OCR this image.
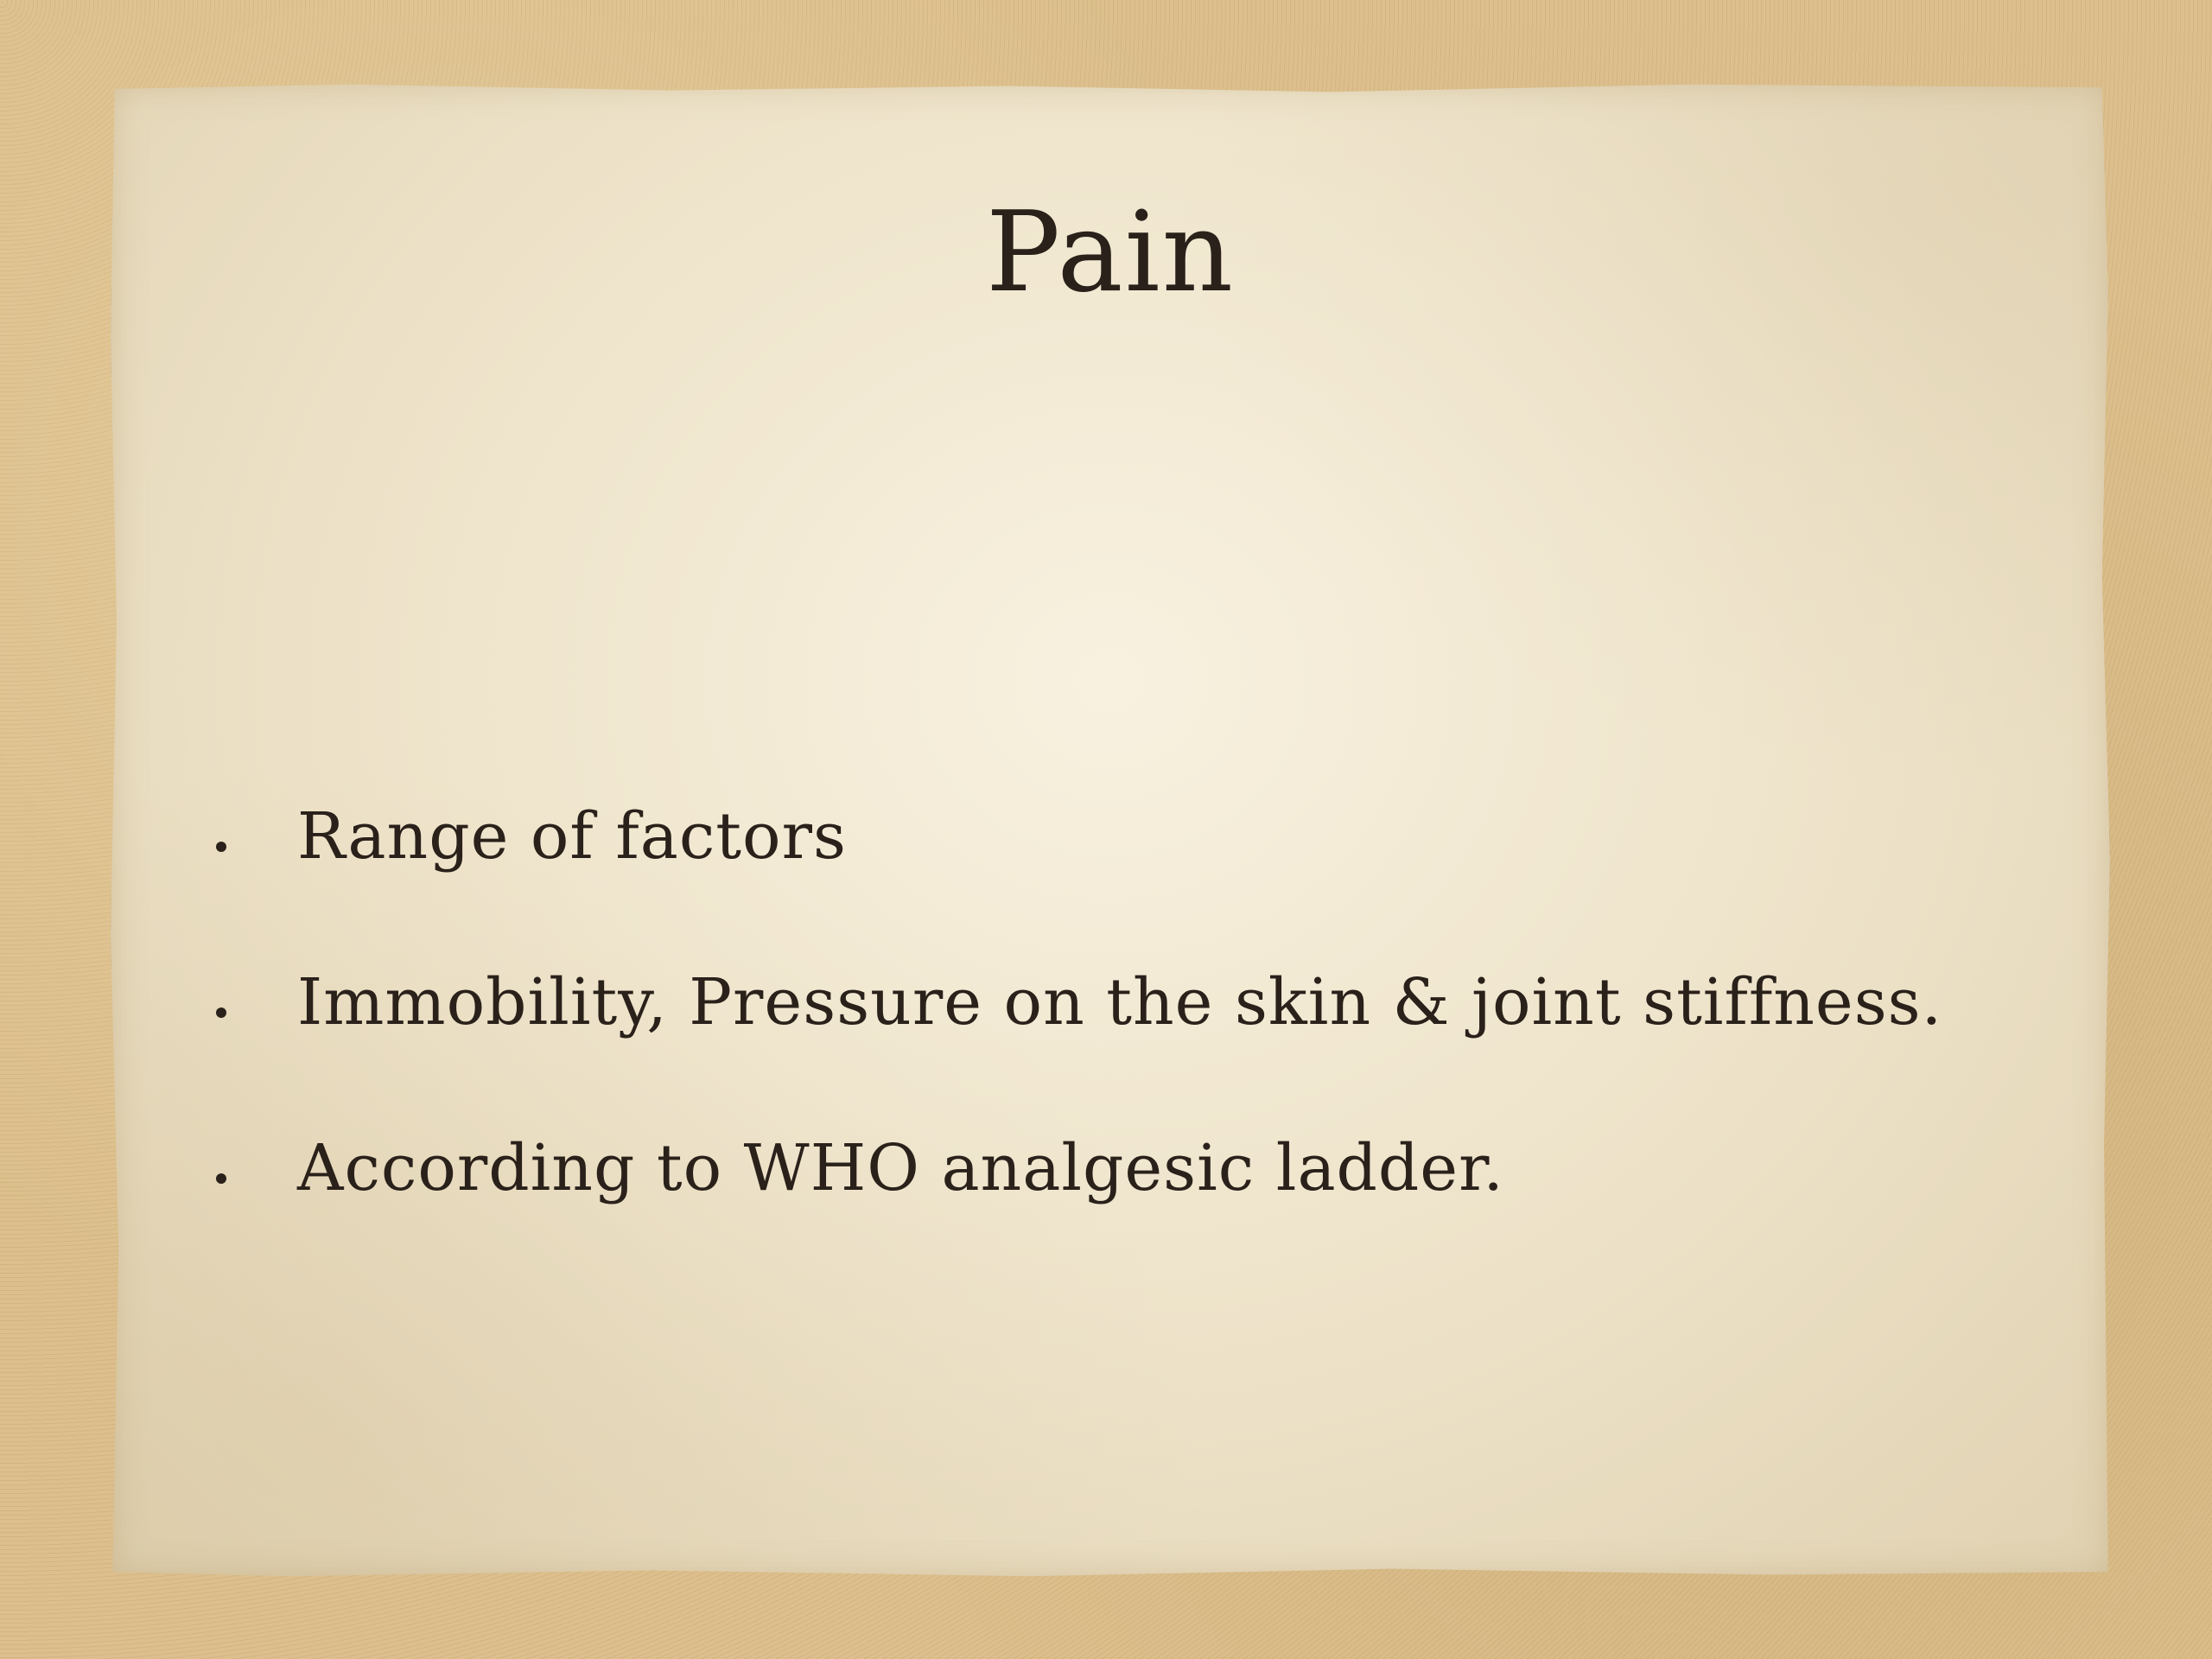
Pain
Range of factors
Immobility, Pressure on the skin & joint stiffness.
According to WHO analgesic ladder.
